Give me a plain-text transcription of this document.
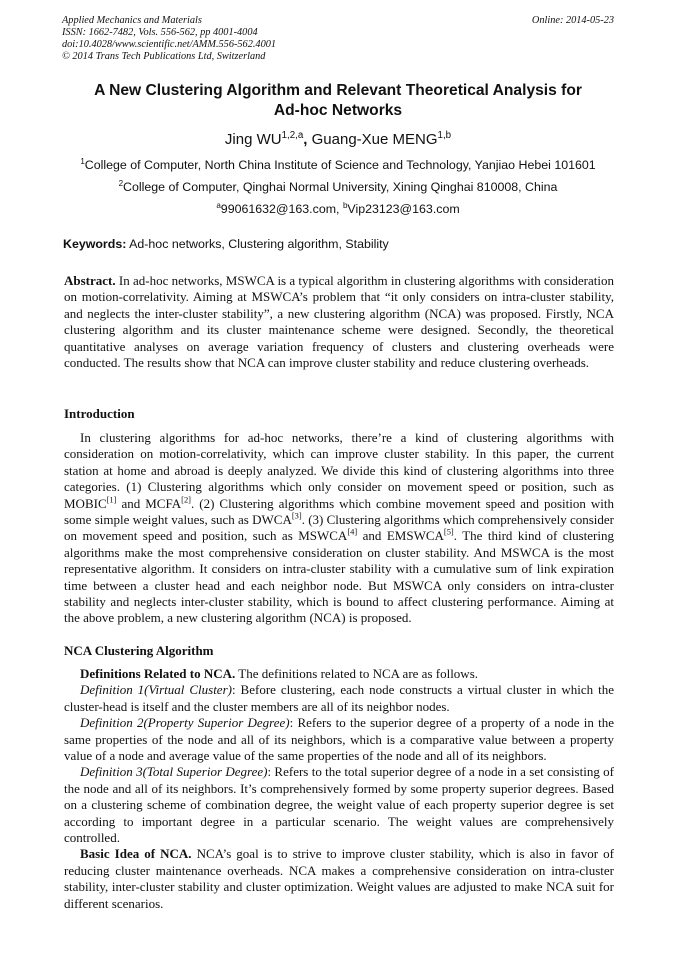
Applied Mechanics and Materials
ISSN: 1662-7482, Vols. 556-562, pp 4001-4004
doi:10.4028/www.scientific.net/AMM.556-562.4001
© 2014 Trans Tech Publications Ltd, Switzerland
Online: 2014-05-23
A New Clustering Algorithm and Relevant Theoretical Analysis for
Ad-hoc Networks
Jing WU$^{1,2,a}$, Guang-Xue MENG$^{1,b}$
$^1$College of Computer, North China Institute of Science and Technology, Yanjiao Hebei 101601
$^2$College of Computer, Qinghai Normal University, Xining Qinghai 810008, China
$^a$99061632@163.com, $^b$Vip23123@163.com
Keywords: Ad-hoc networks, Clustering algorithm, Stability

Abstract. In ad-hoc networks, MSWCA is a typical algorithm in clustering algorithms with consideration on motion-correlativity. Aiming at MSWCA’s problem that “it only considers on intra-cluster stability, and neglects the inter-cluster stability”, a new clustering algorithm (NCA) was proposed. Firstly, NCA clustering algorithm and its cluster maintenance scheme were designed. Secondly, the theoretical quantitative analyses on average variation frequency of clusters and clustering overheads were conducted. The results show that NCA can improve cluster stability and reduce clustering overheads.

Introduction

In clustering algorithms for ad-hoc networks, there’re a kind of clustering algorithms with consideration on motion-correlativity, which can improve cluster stability. In this paper, the current station at home and abroad is deeply analyzed. We divide this kind of clustering algorithms into three categories. (1) Clustering algorithms which only consider on movement speed or position, such as MOBIC[1] and MCFA[2]. (2) Clustering algorithms which combine movement speed and position with some simple weight values, such as DWCA[3]. (3) Clustering algorithms which comprehensively consider on movement speed and position, such as MSWCA[4] and EMSWCA[5]. The third kind of clustering algorithms make the most comprehensive consideration on cluster stability. And MSWCA is the most representative algorithm. It considers on intra-cluster stability with a cumulative sum of link expiration time between a cluster head and each neighbor node. But MSWCA only considers on intra-cluster stability and neglects inter-cluster stability, which is bound to affect clustering performance. Aiming at the above problem, a new clustering algorithm (NCA) is proposed.

NCA Clustering Algorithm

Definitions Related to NCA. The definitions related to NCA are as follows.

Definition 1(Virtual Cluster): Before clustering, each node constructs a virtual cluster in which the cluster-head is itself and the cluster members are all of its neighbor nodes.

Definition 2(Property Superior Degree): Refers to the superior degree of a property of a node in the same properties of the node and all of its neighbors, which is a comparative value between a property value of a node and average value of the same properties of the node and all of its neighbors.

Definition 3(Total Superior Degree): Refers to the total superior degree of a node in a set consisting of the node and all of its neighbors. It’s comprehensively formed by some property superior degrees. Based on a clustering scheme of combination degree, the weight value of each property superior degree is set according to important degree in a particular scenario. The weight values are comprehensively controlled.

Basic Idea of NCA. NCA’s goal is to strive to improve cluster stability, which is also in favor of reducing cluster maintenance overheads. NCA makes a comprehensive consideration on intra-cluster stability, inter-cluster stability and cluster optimization. Weight values are adjusted to make NCA suit for different scenarios.
